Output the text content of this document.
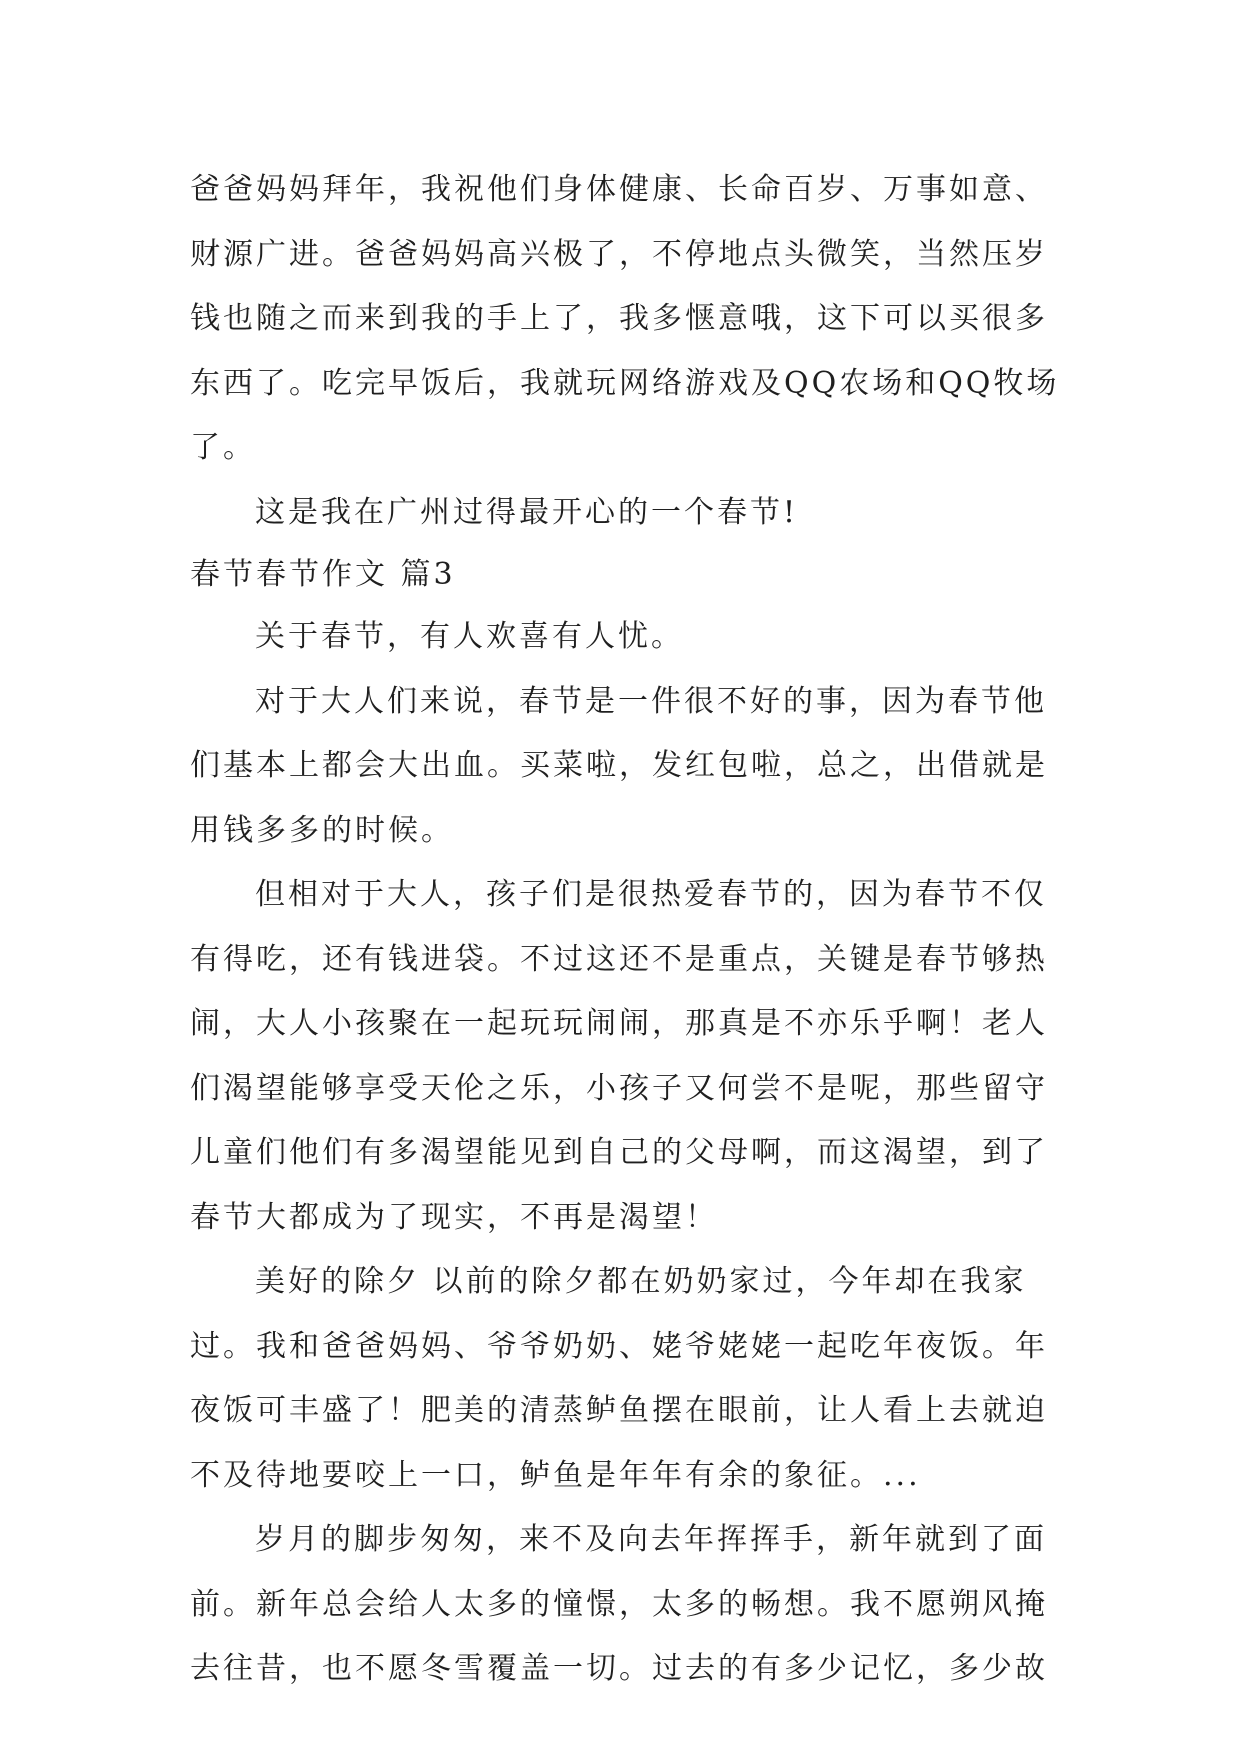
爸爸妈妈拜年，我祝他们身体健康、长命百岁、万事如意、

财源广进。爸爸妈妈高兴极了，不停地点头微笑，当然压岁

钱也随之而来到我的手上了，我多惬意哦，这下可以买很多

东西了。吃完早饭后，我就玩网络游戏及QQ农场和QQ牧场

了。

这是我在广州过得最开心的一个春节!

春节春节作文 篇3

关于春节，有人欢喜有人忧。

对于大人们来说，春节是一件很不好的事，因为春节他

们基本上都会大出血。买菜啦，发红包啦，总之，出借就是

用钱多多的时候。

但相对于大人，孩子们是很热爱春节的，因为春节不仅

有得吃，还有钱进袋。不过这还不是重点，关键是春节够热

闹，大人小孩聚在一起玩玩闹闹，那真是不亦乐乎啊！老人

们渴望能够享受天伦之乐，小孩子又何尝不是呢，那些留守

儿童们他们有多渴望能见到自己的父母啊，而这渴望，到了

春节大都成为了现实，不再是渴望！

美好的除夕 以前的除夕都在奶奶家过，今年却在我家

过。我和爸爸妈妈、爷爷奶奶、姥爷姥姥一起吃年夜饭。年

夜饭可丰盛了！肥美的清蒸鲈鱼摆在眼前，让人看上去就迫

不及待地要咬上一口，鲈鱼是年年有余的象征。...

岁月的脚步匆匆，来不及向去年挥挥手，新年就到了面

前。新年总会给人太多的憧憬，太多的畅想。我不愿朔风掩

去往昔，也不愿冬雪覆盖一切。过去的有多少记忆，多少故
